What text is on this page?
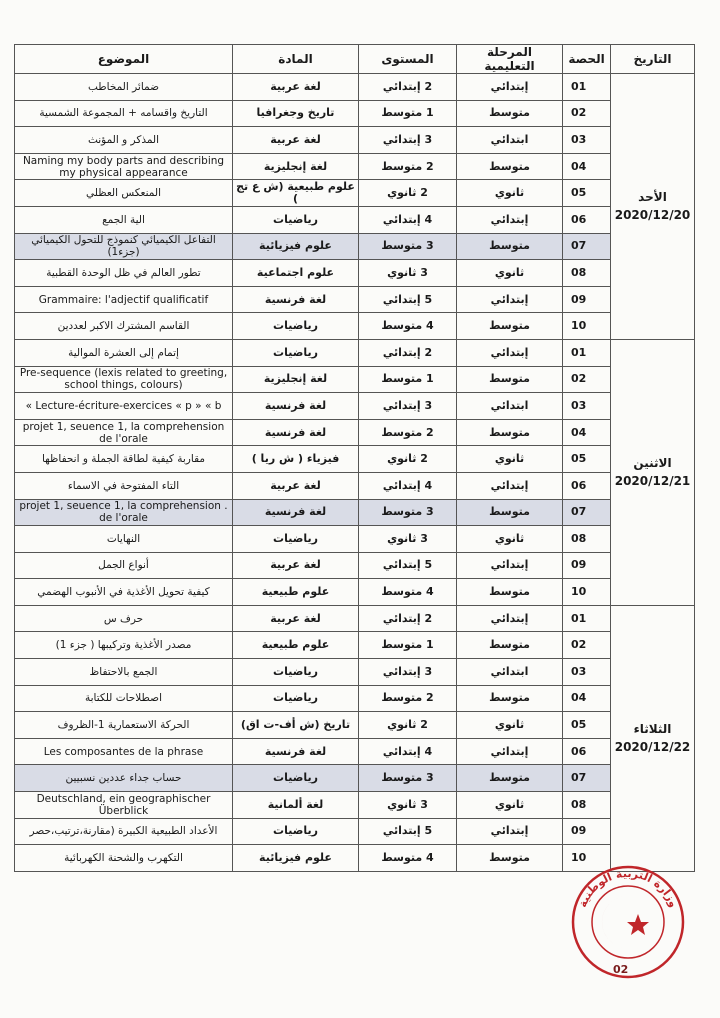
التاريخ	الحصة	المرحلة التعليمية	المستوى	المادة	الموضوع

الأحد
2020/12/20	01	إبتدائي	2 إبتدائي	لغة عربية	ضمائر المخاطب
	02	متوسط	1 متوسط	تاريخ وجغرافيا	التاريخ واقسامه + المجموعة الشمسية
	03	ابتدائي	3 إبتدائي	لغة عربية	المذكر و المؤنث
	04	متوسط	2 متوسط	لغة إنجليزية	Naming my body parts and describing my physical appearance
	05	ثانوي	2 ثانوي	علوم طبيعية (ش ع تج )	المنعكس العظلي
	06	إبتدائي	4 إبتدائي	رياضيات	الية الجمع
	07	متوسط	3 متوسط	علوم فيزيائية	التفاعل الكيميائي كنموذج للتحول الكيميائي (جزء1)
	08	ثانوي	3 ثانوي	علوم اجتماعية	تطور العالم في ظل الوحدة القطبية
	09	إبتدائي	5 إبتدائي	لغة فرنسية	Grammaire: l'adjectif qualificatif
	10	متوسط	4 متوسط	رياضيات	القاسم المشترك الاكبر لعددين

الاثنين
2020/12/21	01	إبتدائي	2 إبتدائي	رياضيات	إتمام إلى العشرة الموالية
	02	متوسط	1 متوسط	لغة إنجليزية	Pre-sequence (lexis related to greeting, school things, colours)
	03	ابتدائي	3 إبتدائي	لغة فرنسية	Lecture-écriture-exercices « p » « b »
	04	متوسط	2 متوسط	لغة فرنسية	projet 1, seuence 1, la comprehension de l'orale
	05	ثانوي	2 ثانوي	فيزياء ( ش ريا )	مقاربة كيفية لطاقة الجملة و انحفاظها
	06	إبتدائي	4 إبتدائي	لغة عربية	التاء المفتوحة في الاسماء
	07	متوسط	3 متوسط	لغة فرنسية	. projet 1, seuence 1, la comprehension de l'orale
	08	ثانوي	3 ثانوي	رياضيات	النهايات
	09	إبتدائي	5 إبتدائي	لغة عربية	أنواع الجمل
	10	متوسط	4 متوسط	علوم طبيعية	كيفية تحويل الأغذية في الأنبوب الهضمي

الثلاثاء
2020/12/22	01	إبتدائي	2 إبتدائي	لغة عربية	حرف س
	02	متوسط	1 متوسط	علوم طبيعية	مصدر الأغذية وتركيبها ( جزء 1)
	03	ابتدائي	3 إبتدائي	رياضيات	الجمع بالاحتفاظ
	04	متوسط	2 متوسط	رياضيات	اصطلاحات للكتابة
	05	ثانوي	2 ثانوي	تاريخ (ش أف-ت اق)	الحركة الاستعمارية 1-الظروف
	06	إبتدائي	4 إبتدائي	لغة فرنسية	Les composantes de la phrase
	07	متوسط	3 متوسط	رياضيات	حساب جداء عددين نسبيين
	08	ثانوي	3 ثانوي	لغة ألمانية	Deutschland, ein geographischer Überblick
	09	إبتدائي	5 إبتدائي	رياضيات	الأعداد الطبيعية الكبيرة (مقارنة،ترتيب،حصر
	10	متوسط	4 متوسط	علوم فيزيائية	التكهرب والشحنة الكهربائية
وزارة التربية الوطنية
02
